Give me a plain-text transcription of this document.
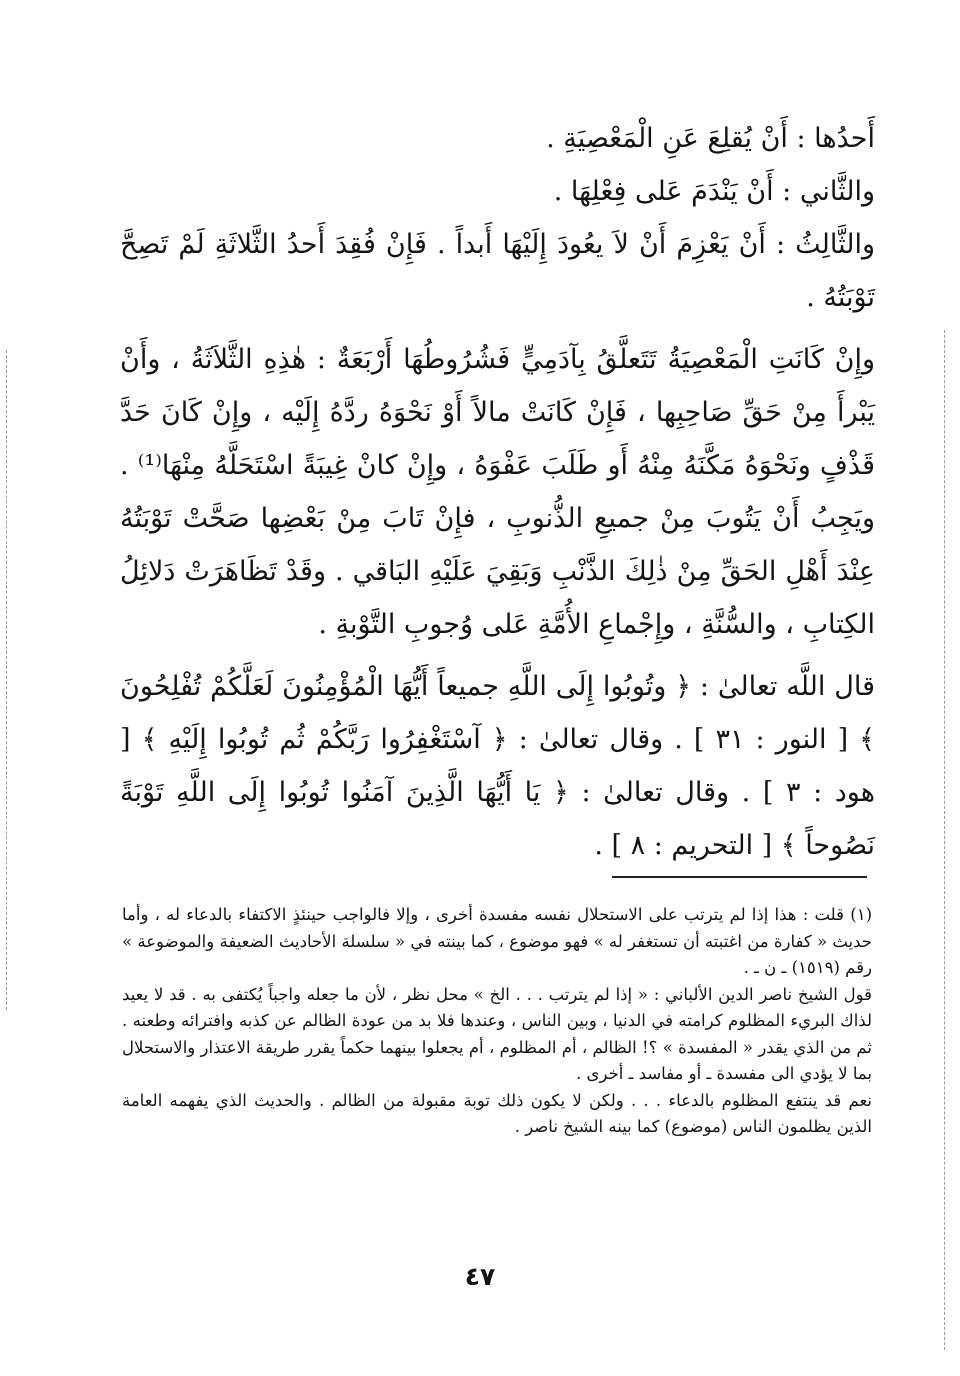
أَحدُها : أَنْ يُقلِعَ عَنِ الْمَعْصِيَةِ .

والثَّاني : أَنْ يَنْدَمَ عَلى فِعْلِهَا .

والثَّالِثُ : أَنْ يَعْزِمَ أَنْ لاَ يعُودَ إِلَيْهَا أَبداً . فَإِنْ فُقِدَ أَحدُ الثَّلاثَةِ لَمْ تَصِحَّ تَوْبَتُهُ .

وإِنْ كَانَتِ الْمَعْصِيَةُ تَتَعلَّقُ بِآدَمِيٍّ فَشُرُوطُهَا أَرْبَعَةٌ : هٰذِهِ الثَّلاَثَةُ ، وأَنْ يَبْرأَ مِنْ حَقِّ صَاحِبِها ، فَإِنْ كَانَتْ مالاً أَوْ نَحْوَهُ ردَّهُ إِلَيْه ، وإِنْ كَانَ حَدَّ قَذْفٍ ونَحْوَهُ مَكَّنَهُ مِنْهُ أَو طَلَبَ عَفْوَهُ ، وإِنْ كانْ غِيبَةً اسْتَحَلَّهُ مِنْهَا⁽¹⁾ . ويَجِبُ أَنْ يَتُوبَ مِنْ جميعِ الذُّنوبِ ، فإِنْ تَابَ مِنْ بَعْضِها صَحَّتْ تَوْبَتُهُ عِنْدَ أَهْلِ الحَقِّ مِنْ ذٰلِكَ الذَّنْبِ وَبَقِيَ عَلَيْهِ البَاقي . وقَدْ تَظَاهَرَتْ دَلائِلُ الكِتابِ ، والسُّنَّةِ ، وإِجْماعِ الأُمَّةِ عَلى وُجوبِ التَّوْبةِ .

قال اللَّه تعالىٰ : ﴿ وتُوبُوا إِلَى اللَّهِ جميعاً أَيُّهَا الْمُؤْمِنُونَ لَعَلَّكُمْ تُفْلِحُونَ ﴾ [ النور : ٣١ ] . وقال تعالىٰ : ﴿ آسْتَغْفِرُوا رَبَّكُمْ ثُم تُوبُوا إِلَيْهِ ﴾ [ هود : ٣ ] . وقال تعالىٰ : ﴿ يَا أَيُّهَا الَّذِينَ آمَنُوا تُوبُوا إِلَى اللَّهِ تَوْبَةً نَصُوحاً ﴾ [ التحريم : ٨ ] .

(١) قلت : هذا إذا لم يترتب على الاستحلال نفسه مفسدة أخرى ، وإلا فالواجب حينئذٍ الاكتفاء بالدعاء له ، وأما حديث « كفارة من اغتبته أن تستغفر له » فهو موضوع ، كما بينته في « سلسلة الأحاديث الضعيفة والموضوعة » رقم (١٥١٩) ـ ن ـ .

قول الشيخ ناصر الدين الألباني : « إذا لم يترتب . . . الخ » محل نظر ، لأن ما جعله واجباً يُكتفى به . قد لا يعيد لذاك البريء المظلوم كرامته في الدنيا ، وبين الناس ، وعندها فلا بد من عودة الظالم عن كذبه وافترائه وطعنه . ثم من الذي يقدر « المفسدة » ؟! الظالم ، أم المظلوم ، أم يجعلوا بينهما حكماً يقرر طريقة الاعتذار والاستحلال بما لا يؤدي الى مفسدة ـ أو مفاسد ـ أخرى .

نعم قد ينتفع المظلوم بالدعاء . . . ولكن لا يكون ذلك توبة مقبولة من الظالم . والحديث الذي يفهمه العامة الذين يظلمون الناس (موضوع) كما بينه الشيخ ناصر .

٤٧
